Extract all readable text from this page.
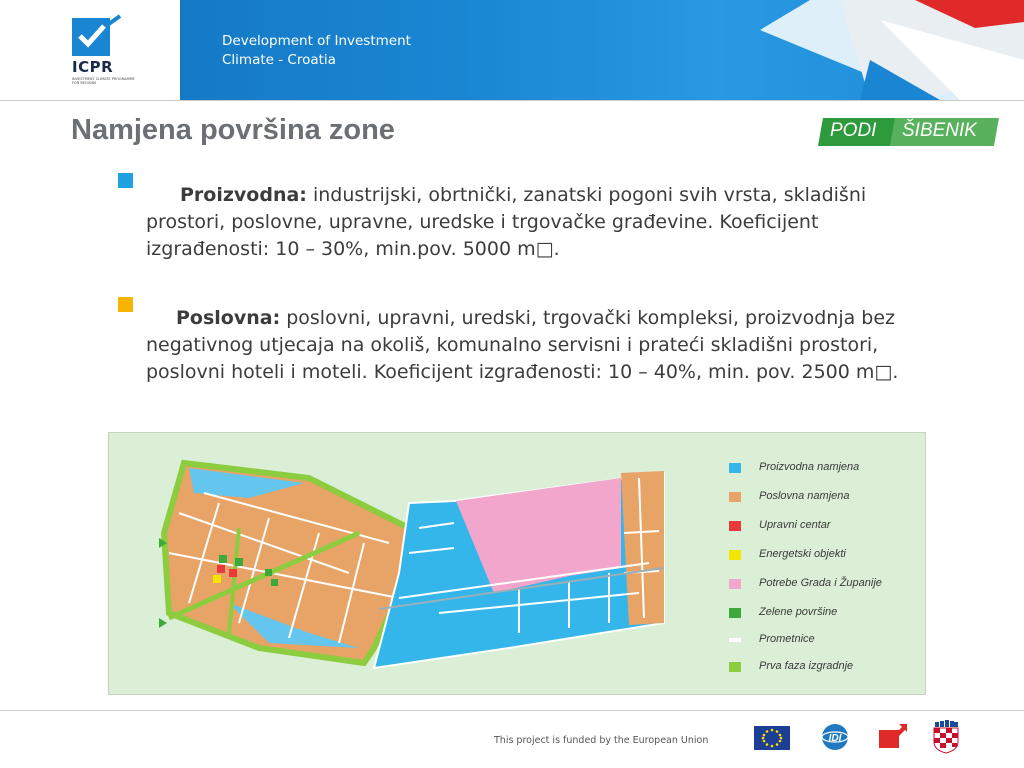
ICPR
INVESTMENT CLIMATE PROGRAMME
FOR REGIONS
Development of Investment
Climate - Croatia
Namjena površina zone	PODI ŠIBENIK
Proizvodna: industrijski, obrtnički, zanatski pogoni svih vrsta, skladišni prostori, poslovne, upravne, uredske i trgovačke građevine. Koeficijent izgrađenosti: 10 – 30%, min.pov. 5000 m□.
Poslovna: poslovni, upravni, uredski, trgovački kompleksi, proizvodnja bez negativnog utjecaja na okoliš, komunalno servisni i prateći skladišni prostori, poslovni hoteli i moteli. Koeficijent izgrađenosti: 10 – 40%, min. pov. 2500 m□.
Proizvodna namjena
Poslovna namjena
Upravni centar
Energetski objekti
Potrebe Grada i Županije
Zelene površine
Prometnice
Prva faza izgradnje
This project is funded by the European Union	IDI
